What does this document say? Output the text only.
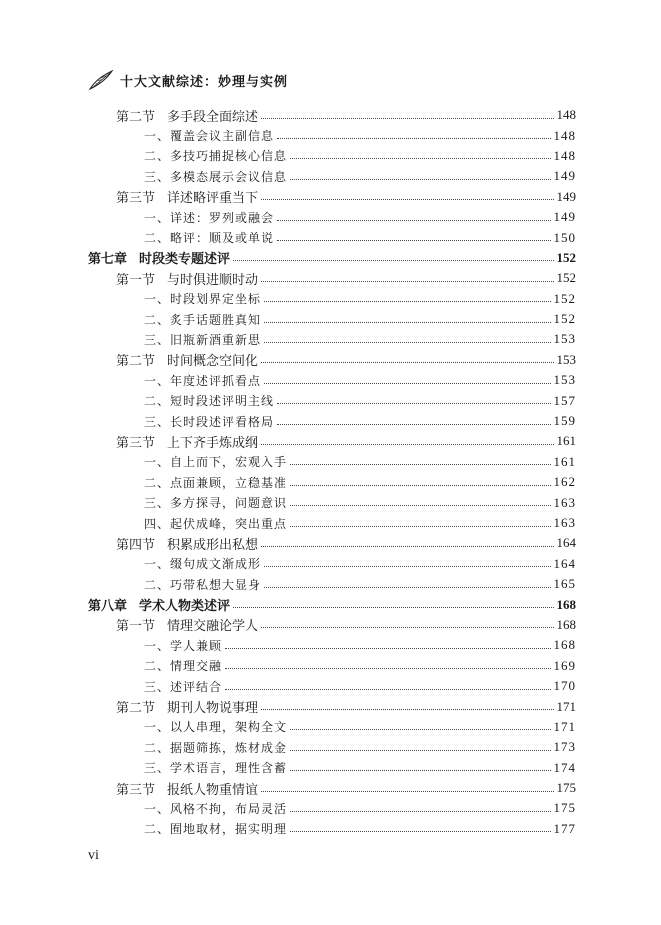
十大文献综述：妙理与实例
第二节 多手段全面综述	148
一、覆盖会议主副信息	148
二、多技巧捕捉核心信息	148
三、多模态展示会议信息	149
第三节 详述略评重当下	149
一、详述：罗列或融会	149
二、略评：顺及或单说	150
第七章 时段类专题述评	152
第一节 与时俱进顺时动	152
一、时段划界定坐标	152
二、炙手话题胜真知	152
三、旧瓶新酒重新思	153
第二节 时间概念空间化	153
一、年度述评抓看点	153
二、短时段述评明主线	157
三、长时段述评看格局	159
第三节 上下齐手炼成纲	161
一、自上而下，宏观入手	161
二、点面兼顾，立稳基准	162
三、多方探寻，问题意识	163
四、起伏成峰，突出重点	163
第四节 积累成形出私想	164
一、缀句成文渐成形	164
二、巧带私想大显身	165
第八章 学术人物类述评	168
第一节 情理交融论学人	168
一、学人兼顾	168
二、情理交融	169
三、述评结合	170
第二节 期刊人物说事理	171
一、以人串理，架构全文	171
二、据题筛拣，炼材成金	173
三、学术语言，理性含蓄	174
第三节 报纸人物重情谊	175
一、风格不拘，布局灵活	175
二、囿地取材，据实明理	177
vi
